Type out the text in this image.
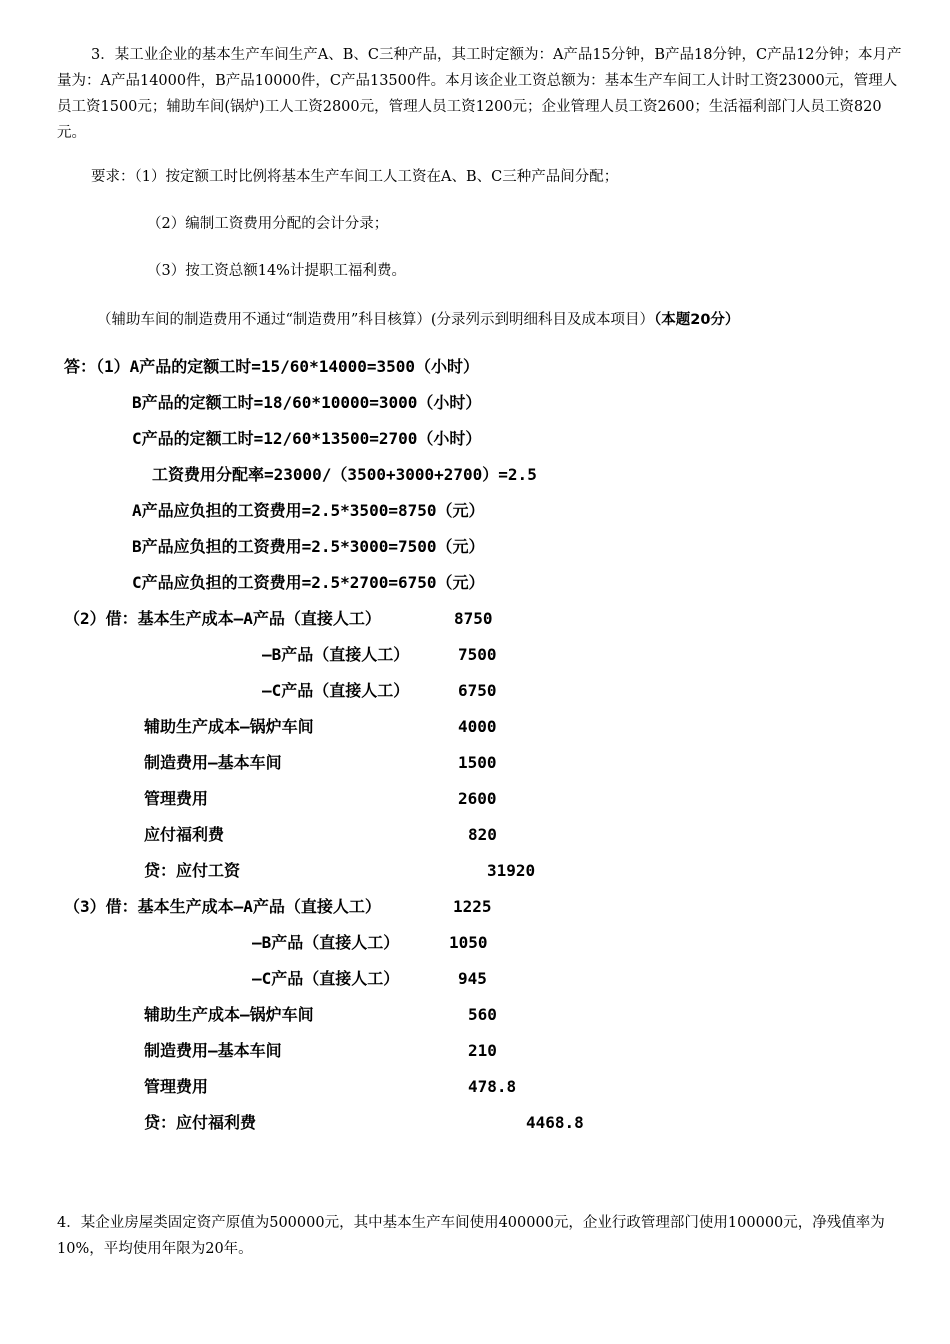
3．某工业企业的基本生产车间生产A、B、C三种产品，其工时定额为：A产品15分钟，B产品18分钟，C产品12分钟；本月产量为：A产品14000件，B产品10000件，C产品13500件。本月该企业工资总额为：基本生产车间工人计时工资23000元，管理人员工资1500元；辅助车间(锅炉)工人工资2800元，管理人员工资1200元；企业管理人员工资2600；生活福利部门人员工资820元。

要求：（1）按定额工时比例将基本生产车间工人工资在A、B、C三种产品间分配；
（2）编制工资费用分配的会计分录；
（3）按工资总额14%计提职工福利费。
（辅助车间的制造费用不通过“制造费用”科目核算）(分录列示到明细科目及成本项目）（本题20分）
答：（1）A产品的定额工时=15/60*14000=3500（小时）
B产品的定额工时=18/60*10000=3000（小时）
C产品的定额工时=12/60*13500=2700（小时）
工资费用分配率=23000/（3500+3000+2700）=2.5
A产品应负担的工资费用=2.5*3500=8750（元）
B产品应负担的工资费用=2.5*3000=7500（元）
C产品应负担的工资费用=2.5*2700=6750（元）
（2）借：基本生产成本—A产品（直接人工）	8750
—B产品（直接人工）	7500
—C产品（直接人工）	6750
辅助生产成本—锅炉车间	4000
制造费用—基本车间	1500
管理费用	2600
应付福利费	820
贷：应付工资	31920
（3）借：基本生产成本—A产品（直接人工）	1225
—B产品（直接人工）	1050
—C产品（直接人工）	945
辅助生产成本—锅炉车间	560
制造费用—基本车间	210
管理费用	478.8
贷：应付福利费	4468.8

4．某企业房屋类固定资产原值为500000元，其中基本生产车间使用400000元，企业行政管理部门使用100000元，净残值率为10%，平均使用年限为20年。
